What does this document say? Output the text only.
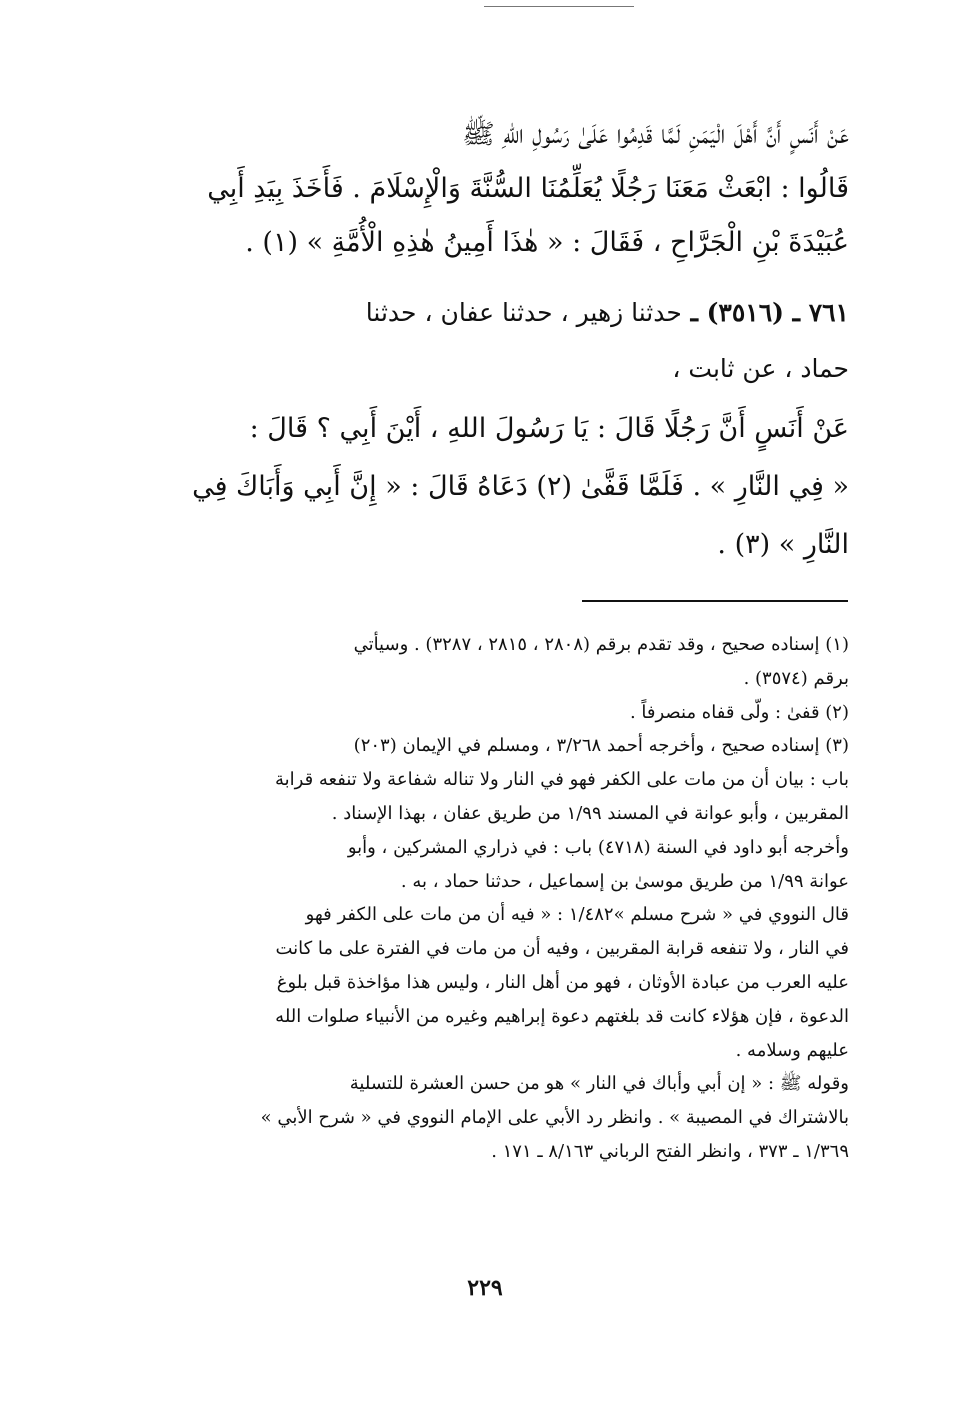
عَنْ أَنَسٍ أَنَّ أَهْلَ الْيَمَنِ لَمَّا قَدِمُوا عَلَىٰ رَسُولِ اللهِ ﷺ
قَالُوا : ابْعَثْ مَعَنَا رَجُلًا يُعَلِّمُنَا السُّنَّةَ وَالْإِسْلَامَ . فَأَخَذَ بِيَدِ أَبِي
عُبَيْدَةَ بْنِ الْجَرَّاحِ ، فَقَالَ : « هٰذَا أَمِينُ هٰذِهِ الْأُمَّةِ » (١) .
٧٦١ ـ (٣٥١٦) ـ حدثنا زهير ، حدثنا عفان ، حدثنا
حماد ، عن ثابت ،
عَنْ أَنَسٍ أَنَّ رَجُلًا قَالَ : يَا رَسُولَ اللهِ ، أَيْنَ أَبِي ؟ قَالَ :
« فِي النَّارِ » . فَلَمَّا قَفَّىٰ (٢) دَعَاهُ قَالَ : « إِنَّ أَبِي وَأَبَاكَ فِي
النَّارِ » (٣) .
(١) إسناده صحيح ، وقد تقدم برقم (٢٨٠٨ ، ٢٨١٥ ، ٣٢٨٧) . وسيأتي
برقم (٣٥٧٤) .
(٢) قفىٰ : ولّى قفاه منصرفاً .
(٣) إسناده صحيح ، وأخرجه أحمد ٣/٢٦٨ ، ومسلم في الإيمان (٢٠٣)
باب : بيان أن من مات على الكفر فهو في النار ولا تناله شفاعة ولا تنفعه قرابة
المقربين ، وأبو عوانة في المسند ١/٩٩ من طريق عفان ، بهذا الإسناد .
وأخرجه أبو داود في السنة (٤٧١٨) باب : في ذراري المشركين ، وأبو
عوانة ١/٩٩ من طريق موسىٰ بن إسماعيل ، حدثنا حماد ، به .
قال النووي في « شرح مسلم »١/٤٨٢ : « فيه أن من مات على الكفر فهو
في النار ، ولا تنفعه قرابة المقربين ، وفيه أن من مات في الفترة على ما كانت
عليه العرب من عبادة الأوثان ، فهو من أهل النار ، وليس هذا مؤاخذة قبل بلوغ
الدعوة ، فإن هؤلاء كانت قد بلغتهم دعوة إبراهيم وغيره من الأنبياء صلوات الله
عليهم وسلامه .
وقوله ﷺ : « إن أبي وأباك في النار » هو من حسن العشرة للتسلية
بالاشتراك في المصيبة » . وانظر رد الأبي على الإمام النووي في « شرح الأبي »
١/٣٦٩ ـ ٣٧٣ ، وانظر الفتح الرباني ٨/١٦٣ ـ ١٧١ .
٢٢٩
